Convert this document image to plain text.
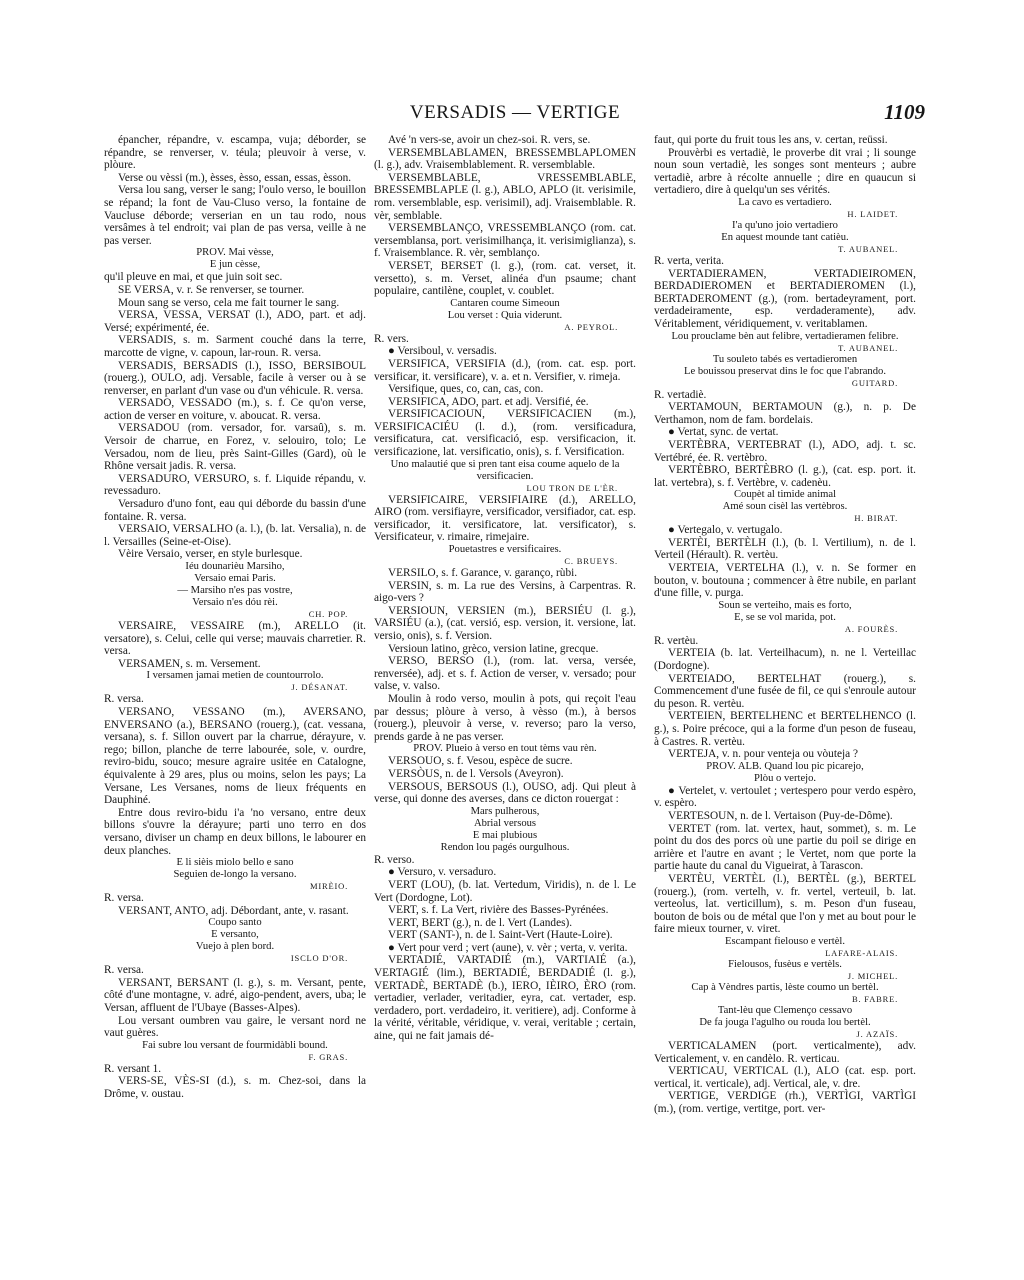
VERSADIS — VERTIGE	1109

épancher, répandre, v. escampa, vuja; déborder, se répandre, se renverser, v. téula; pleuvoir à verse, v. plòure.

Verse ou vèssi (m.), èsses, èsso, essan, essas, èsson.

Versa lou sang, verser le sang; l'oulo verso, le bouillon se répand; la font de Vau-Cluso verso, la fontaine de Vaucluse déborde; verserian en un tau rodo, nous versâmes à tel endroit; vai plan de pas versa, veille à ne pas verser.

PROV. Mai vèsse,

E jun cèsse,

qu'il pleuve en mai, et que juin soit sec.

SE VERSA, v. r. Se renverser, se tourner.

Moun sang se verso, cela me fait tourner le sang.

VERSA, VESSA, VERSAT (l.), ADO, part. et adj. Versé; expérimenté, ée.

VERSADIS, s. m. Sarment couché dans la terre, marcotte de vigne, v. capoun, lar-roun. R. versa.

VERSADIS, BERSADIS (l.), ISSO, BERSIBOUL (rouerg.), OULO, adj. Versable, facile à verser ou à se renverser, en parlant d'un vase ou d'un véhicule. R. versa.

VERSADO, VESSADO (m.), s. f. Ce qu'on verse, action de verser en voiture, v. aboucat. R. versa.

VERSADOU (rom. versador, for. varsaû), s. m. Versoir de charrue, en Forez, v. selouiro, tolo; Le Versadou, nom de lieu, près Saint-Gilles (Gard), où le Rhône versait jadis. R. versa.

VERSADURO, VERSURO, s. f. Liquide répandu, v. revessaduro.

Versaduro d'uno font, eau qui déborde du bassin d'une fontaine. R. versa.

VERSAIO, VERSALHO (a. l.), (b. lat. Versalia), n. de l. Versailles (Seine-et-Oise).

Vèire Versaio, verser, en style burlesque.

Iéu dounarièu Marsiho,

Versaio emai Paris.

— Marsiho n'es pas vostre,

Versaio n'es dóu rèi.

CH. POP.

VERSAIRE, VESSAIRE (m.), ARELLO (it. versatore), s. Celui, celle qui verse; mauvais charretier. R. versa.

VERSAMEN, s. m. Versement.

I versamen jamai metien de countourrolo.

J. DÉSANAT.

R. versa.

VERSANO, VESSANO (m.), AVERSANO, ENVERSANO (a.), BERSANO (rouerg.), (cat. vessana, versana), s. f. Sillon ouvert par la charrue, dérayure, v. rego; billon, planche de terre labourée, sole, v. ourdre, reviro-bidu, souco; mesure agraire usitée en Catalogne, équivalente à 29 ares, plus ou moins, selon les pays; La Versane, Les Versanes, noms de lieux fréquents en Dauphiné.

Entre dous reviro-bidu i'a 'no versano, entre deux billons s'ouvre la dérayure; parti uno terro en dos versano, diviser un champ en deux billons, le labourer en deux planches.

E li sièis miolo bello e sano

Seguien de-longo la versano.

MIRÈIO.

R. versa.

VERSANT, ANTO, adj. Débordant, ante, v. rasant.

Coupo santo

E versanto,

Vuejo à plen bord.

ISCLO D'OR.

R. versa.

VERSANT, BERSANT (l. g.), s. m. Versant, pente, côté d'une montagne, v. adré, aigo-pendent, avers, uba; le Versan, affluent de l'Ubaye (Basses-Alpes).

Lou versant oumbren vau gaire, le versant nord ne vaut guères.

Fai subre lou versant de fourmidàbli bound.

F. GRAS.

R. versant 1.

VERS-SE, VÈS-SI (d.), s. m. Chez-soi, dans la Drôme, v. oustau.

Avé 'n vers-se, avoir un chez-soi. R. vers, se.

VERSEMBLABLAMEN, BRESSEMBLAPLOMEN (l. g.), adv. Vraisemblablement. R. versemblable.

VERSEMBLABLE, VRESSEMBLABLE, BRESSEMBLAPLE (l. g.), ABLO, APLO (it. verisimile, rom. versemblable, esp. verisimil), adj. Vraisemblable. R. vèr, semblable.

VERSEMBLANÇO, VRESSEMBLANÇO (rom. cat. versemblansa, port. verisimilhança, it. verisimiglianza), s. f. Vraisemblance. R. vèr, semblanço.

VERSET, BERSET (l. g.), (rom. cat. verset, it. versetto), s. m. Verset, alinéa d'un psaume; chant populaire, cantilène, couplet, v. coublet.

Cantaren coume Simeoun

Lou verset : Quia viderunt.

A. PEYROL.

R. vers.

● Versiboul, v. versadis.

VERSIFICA, VERSIFIA (d.), (rom. cat. esp. port. versificar, it. versificare), v. a. et n. Versifier, v. rimeja.

Versifique, ques, co, can, cas, con.

VERSIFICA, ADO, part. et adj. Versifié, ée.

VERSIFICACIOUN, VERSIFICACIEN (m.), VERSIFICACIÉU (l. d.), (rom. versificadura, versificatura, cat. versificació, esp. versificacion, it. versificazione, lat. versificatio, onis), s. f. Versification.

Uno malautié que si pren tant eisa coume aquelo de la versificacien.

LOU TRON DE L'ÈR.

VERSIFICAIRE, VERSIFIAIRE (d.), ARELLO, AIRO (rom. versifiayre, versificador, versifiador, cat. esp. versificador, it. versificatore, lat. versificator), s. Versificateur, v. rimaire, rimejaire.

Pouetastres e versificaires.

C. BRUEYS.

VERSILO, s. f. Garance, v. garanço, rùbi.

VERSIN, s. m. La rue des Versins, à Carpentras. R. aigo-vers ?

VERSIOUN, VERSIEN (m.), BERSIÉU (l. g.), VARSIÉU (a.), (cat. versió, esp. version, it. versione, lat. versio, onis), s. f. Version.

Versioun latino, grèco, version latine, grecque.

VERSO, BERSO (l.), (rom. lat. versa, versée, renversée), adj. et s. f. Action de verser, v. versado; pour valse, v. valso.

Moulin à rodo verso, moulin à pots, qui reçoit l'eau par dessus; plòure à verso, à vèsso (m.), à bersos (rouerg.), pleuvoir à verse, v. reverso; paro la verso, prends garde à ne pas verser.

PROV. Plueio à verso en tout tèms vau rèn.

VERSOUO, s. f. Vesou, espèce de sucre.

VERSÒUS, n. de l. Versols (Aveyron).

VERSOUS, BERSOUS (l.), OUSO, adj. Qui pleut à verse, qui donne des averses, dans ce dicton rouergat :

Mars pulherous,

Abrial versous

E mai plubious

Rendon lou pagés ourgulhous.

R. verso.

● Versuro, v. versaduro.

VERT (LOU), (b. lat. Vertedum, Viridis), n. de l. Le Vert (Dordogne, Lot).

VERT, s. f. La Vert, rivière des Basses-Pyrénées.

VERT, BERT (g.), n. de l. Vert (Landes).

VERT (SANT-), n. de l. Saint-Vert (Haute-Loire).

● Vert pour verd ; vert (aune), v. vèr ; verta, v. verita.

VERTADIÉ, VARTADIÉ (m.), VARTIAIÉ (a.), VERTAGIÉ (lim.), BERTADIÉ, BERDADIÉ (l. g.), VERTADÈ, BERTADÈ (b.), IERO, IÈIRO, ÈRO (rom. vertadier, verlader, veritadier, eyra, cat. vertader, esp. verdadero, port. verdadeiro, it. veritiere), adj. Conforme à la vérité, véritable, véridique, v. verai, veritable ; certain, aine, qui ne fait jamais dé-

faut, qui porte du fruit tous les ans, v. certan, reüssi.

Prouvèrbi es vertadiè, le proverbe dit vrai ; li sounge noun soun vertadiè, les songes sont menteurs ; aubre vertadiè, arbre à récolte annuelle ; dire en quaucun si vertadiero, dire à quelqu'un ses vérités.

La cavo es vertadiero.

H. LAIDET.

I'a qu'uno joio vertadiero

En aquest mounde tant catièu.

T. AUBANEL.

R. verta, verita.

VERTADIERAMEN, VERTADIEIROMEN, BERDADIEROMEN et BERTADIEROMEN (l.), BERTADEROMENT (g.), (rom. bertadeyrament, port. verdadeiramente, esp. verdaderamente), adv. Véritablement, véridiquement, v. veritablamen.

Lou prouclame bèn aut felibre, vertadieramen felibre.

T. AUBANEL.

Tu souleto tabés es vertadieromen

Le bouissou preservat dins le foc que l'abrando.

GUITARD.

R. vertadiè.

VERTAMOUN, BERTAMOUN (g.), n. p. De Verthamon, nom de fam. bordelais.

● Vertat, sync. de vertat.

VERTÈBRA, VERTEBRAT (l.), ADO, adj. t. sc. Vertébré, ée. R. vertèbro.

VERTÈBRO, BERTÈBRO (l. g.), (cat. esp. port. it. lat. vertebra), s. f. Vertèbre, v. cadenèu.

Coupèt al timide animal

Amé soun cisèl las vertèbros.

H. BIRAT.

● Vertegalo, v. vertugalo.

VERTÈI, BERTÈLH (l.), (b. l. Vertilium), n. de l. Verteil (Hérault). R. vertèu.

VERTEIA, VERTELHA (l.), v. n. Se former en bouton, v. boutouna ; commencer à être nubile, en parlant d'une fille, v. purga.

Soun se verteiho, mais es forto,

E, se se vol marida, pot.

A. FOURÈS.

R. vertèu.

VERTEIA (b. lat. Verteilhacum), n. ne l. Verteillac (Dordogne).

VERTEIADO, BERTELHAT (rouerg.), s. Commencement d'une fusée de fil, ce qui s'enroule autour du peson. R. vertèu.

VERTEIEN, BERTELHENC et BERTELHENCO (l. g.), s. Poire précoce, qui a la forme d'un peson de fuseau, à Castres. R. vertèu.

VERTEJA, v. n. pour venteja ou vòuteja ?

PROV. ALB. Quand lou pic picarejo,

Plòu o vertejo.

● Vertelet, v. vertoulet ; vertespero pour verdo espèro, v. espèro.

VERTESOUN, n. de l. Vertaison (Puy-de-Dôme).

VERTET (rom. lat. vertex, haut, sommet), s. m. Le point du dos des porcs où une partie du poil se dirige en arrière et l'autre en avant ; le Vertet, nom que porte la partie haute du canal du Vigueirat, à Tarascon.

VERTÈU, VERTÈL (l.), BERTÈL (g.), BERTEL (rouerg.), (rom. vertelh, v. fr. vertel, verteuil, b. lat. verteolus, lat. verticillum), s. m. Peson d'un fuseau, bouton de bois ou de métal que l'on y met au bout pour le faire mieux tourner, v. viret.

Escampant fielouso e vertèl.

LAFARE-ALAIS.

Fielousos, fusèus e vertèls.

J. MICHEL.

Cap à Vèndres partis, lèste coumo un bertèl.

B. FABRE.

Tant-lèu que Clemenço cessavo

De fa jouga l'agulho ou rouda lou bertèl.

J. AZAÏS.

VERTICALAMEN (port. verticalmente), adv. Verticalement, v. en candèlo. R. verticau.

VERTICAU, VERTICAL (l.), ALO (cat. esp. port. vertical, it. verticale), adj. Vertical, ale, v. dre.

VERTIGE, VERDIGE (rh.), VERTÌGI, VARTÌGI (m.), (rom. vertige, vertitge, port. ver-
